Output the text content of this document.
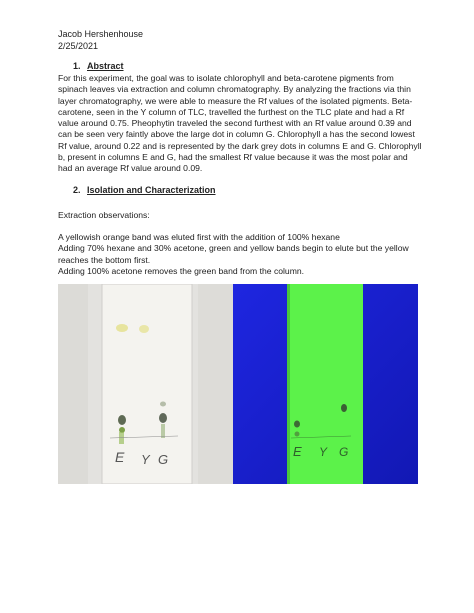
Jacob Hershenhouse
2/25/2021
1. Abstract
For this experiment, the goal was to isolate chlorophyll and beta-carotene pigments from
spinach leaves via extraction and column chromatography. By analyzing the fractions via thin
layer chromatography, we were able to measure the Rf values of the isolated pigments. Beta-
carotene, seen in the Y column of TLC, travelled the furthest on the TLC plate and had a Rf
value around 0.75. Pheophytin traveled the second furthest with an Rf value around 0.39 and
can be seen very faintly above the large dot in column G. Chlorophyll a has the second lowest
Rf value, around 0.22 and is represented by the dark grey dots in columns E and G. Chlorophyll
b, present in columns E and G, had the smallest Rf value because it was the most polar and
had an average Rf value around 0.09.
2. Isolation and Characterization
Extraction observations:
A yellowish orange band was eluted first with the addition of 100% hexane
Adding 70% hexane and 30% acetone, green and yellow bands begin to elute but the yellow
reaches the bottom first.
Adding 100% acetone removes the green band from the column.
E Y G
E Y G
